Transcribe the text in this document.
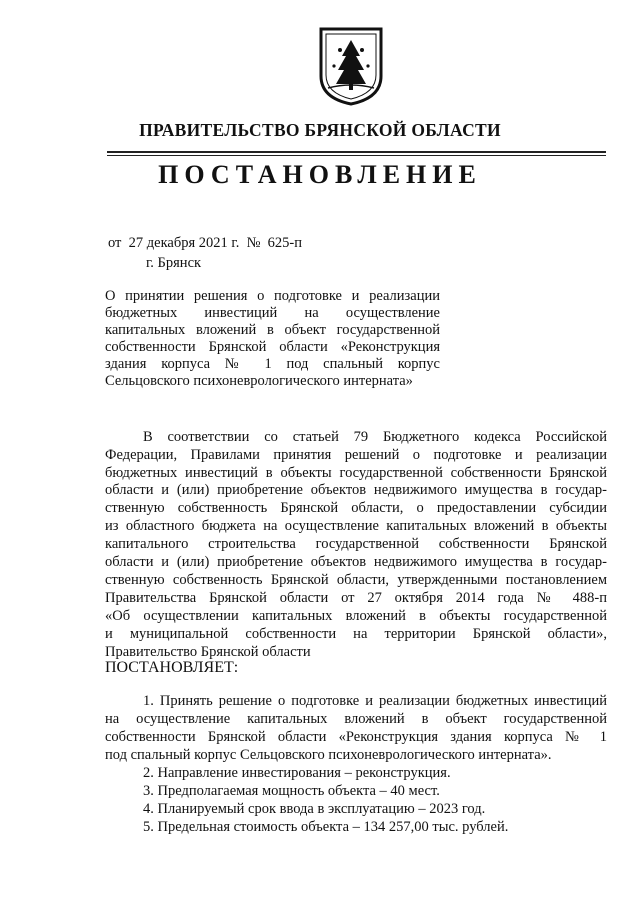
ПРАВИТЕЛЬСТВО БРЯНСКОЙ ОБЛАСТИ
ПОСТАНОВЛЕНИЕ
от  27 декабря 2021 г.  №  625-п
г. Брянск
О принятии решения о подготовке и реализации бюджетных инвестиций на осуществление капитальных вложений в объект государственной собственности Брянской области «Реконструкция здания корпуса № 1 под спальный корпус Сельцовского психоневрологического интерната»
В соответствии со статьей 79 Бюджетного кодекса Российской
Федерации, Правилами принятия решений о подготовке и реализации
бюджетных инвестиций в объекты государственной собственности Брянской
области и (или) приобретение объектов недвижимого имущества в государ-
ственную собственность Брянской области, о предоставлении субсидии
из областного бюджета на осуществление капитальных вложений в объекты
капитального строительства государственной собственности Брянской
области и (или) приобретение объектов недвижимого имущества в государ-
ственную собственность Брянской области, утвержденными постановлением
Правительства Брянской области от 27 октября 2014 года № 488-п
«Об осуществлении капитальных вложений в объекты государственной
и муниципальной собственности на территории Брянской области»,
Правительство Брянской области
ПОСТАНОВЛЯЕТ:
1. Принять решение о подготовке и реализации бюджетных инвестиций
на осуществление капитальных вложений в объект государственной
собственности Брянской области «Реконструкция здания корпуса № 1
под спальный корпус Сельцовского психоневрологического интерната».
2. Направление инвестирования – реконструкция.
3. Предполагаемая мощность объекта – 40 мест.
4. Планируемый срок ввода в эксплуатацию – 2023 год.
5. Предельная стоимость объекта – 134 257,00 тыс. рублей.
